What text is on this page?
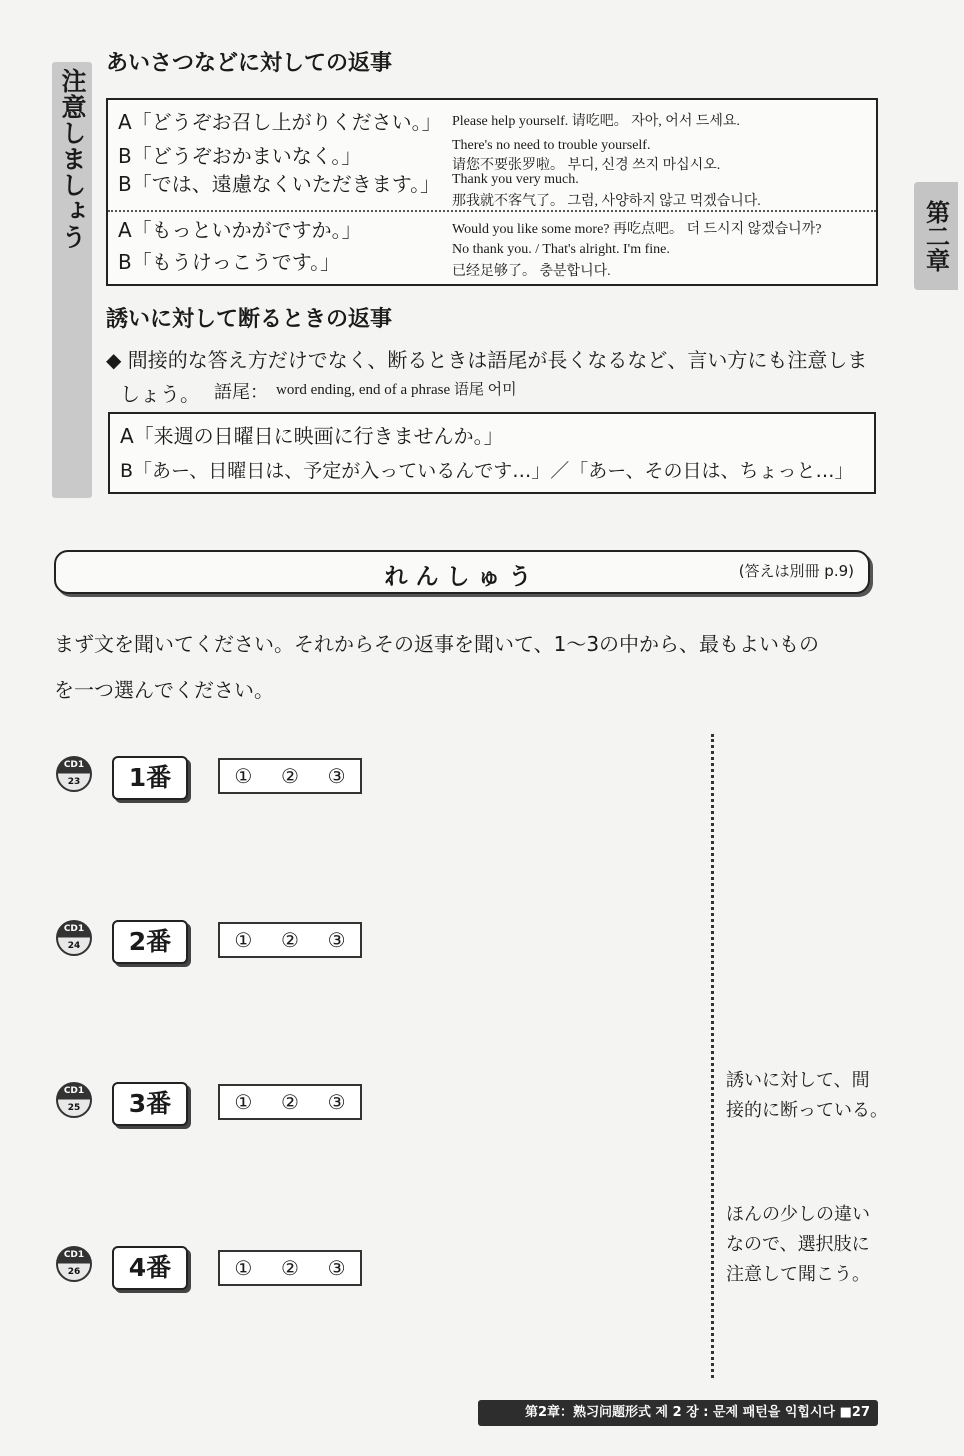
注意しましょう	第二章
あいさつなどに対しての返事
A「どうぞお召し上がりください。」 Please help yourself. 请吃吧。 자아, 어서 드세요.
B「どうぞおかまいなく。」	There's no need to trouble yourself.
请您不要张罗啦。 부디, 신경 쓰지 마십시오.
B「では、遠慮なくいただきます。」 Thank you very much.
那我就不客气了。 그럼, 사양하지 않고 먹겠습니다.
A「もっといかがですか。」	Would you like some more? 再吃点吧。 더 드시지 않겠습니까?
B「もうけっこうです。」
No thank you. / That's alright. I'm fine.
已经足够了。 충분합니다.
誘いに対して断るときの返事
◆ 間接的な答え方だけでなく、断るときは語尾が長くなるなど、言い方にも注意しま
しょう。 語尾： word ending, end of a phrase 语尾 어미
A「来週の日曜日に映画に行きませんか。」
B「あー、日曜日は、予定が入っているんです…」／「あー、その日は、ちょっと…」
れんしゅう	(答えは別冊 p.9)
まず文を聞いてください。それからその返事を聞いて、1～3の中から、最もよいもの
を一つ選んでください。
CD1
23	1番	① ② ③
CD1
24	2番	① ② ③
CD1
25	3番	① ② ③
CD1
26	4番	① ② ③
誘いに対して、間
接的に断っている。
ほんの少しの違い
なので、選択肢に
注意して聞こう。
第2章：熟习问题形式 제 2 장 : 문제 패턴을 익힙시다 ■27
